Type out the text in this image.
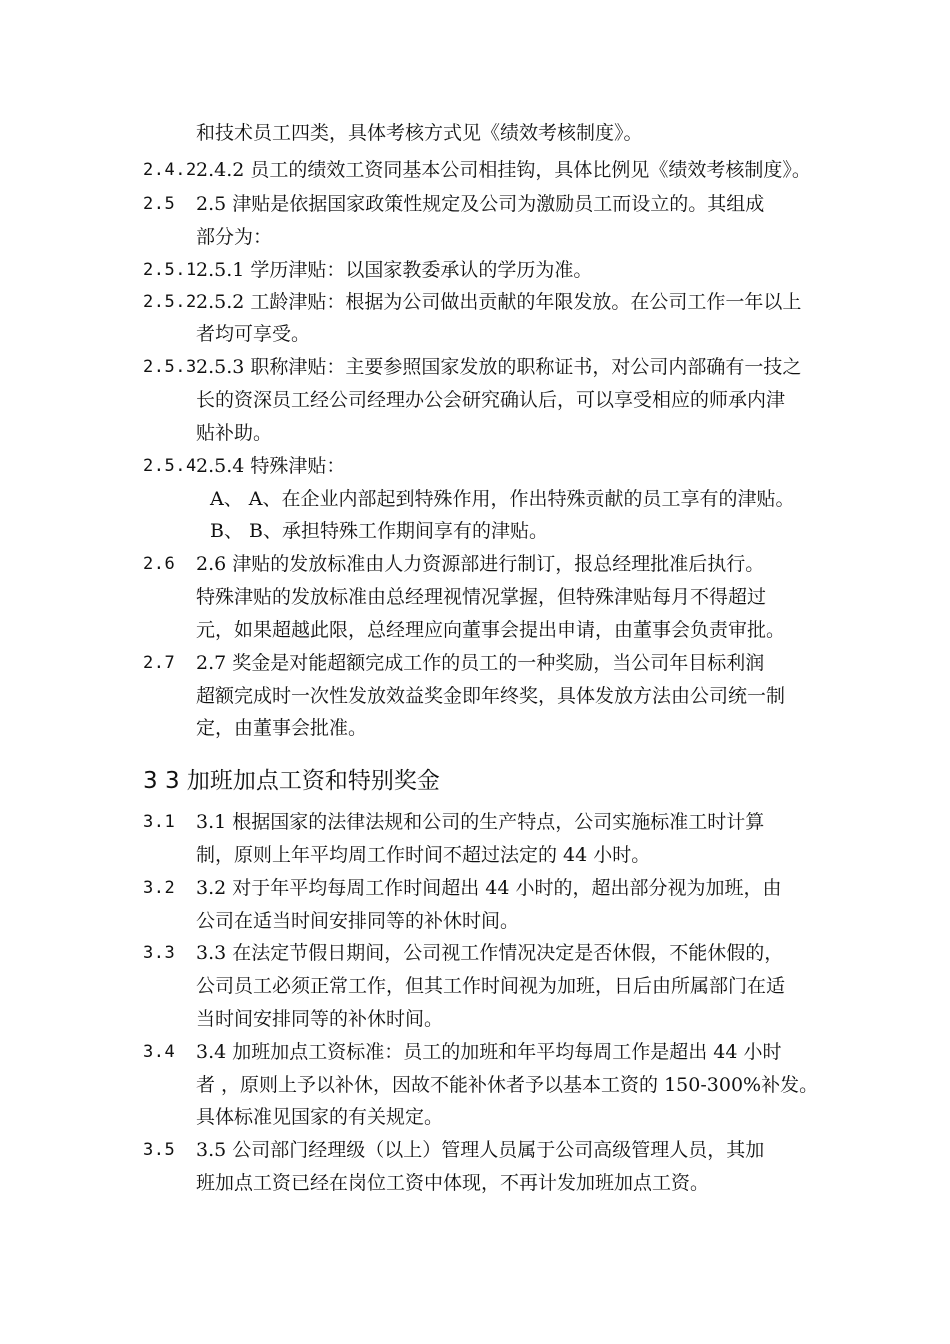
和技术员工四类，具体考核方式见《绩效考核制度》。
2.4.2 2.4.2 员工的绩效工资同基本公司相挂钩，具体比例见《绩效考核制度》。
2.5 2.5 津贴是依据国家政策性规定及公司为激励员工而设立的。其组成
部分为：
2.5.1 2.5.1 学历津贴：以国家教委承认的学历为准。
2.5.2 2.5.2 工龄津贴：根据为公司做出贡献的年限发放。在公司工作一年以上
者均可享受。
2.5.3 2.5.3 职称津贴：主要参照国家发放的职称证书，对公司内部确有一技之
长的资深员工经公司经理办公会研究确认后，可以享受相应的师承内津
贴补助。
2.5.4 2.5.4 特殊津贴：
A、 A、在企业内部起到特殊作用，作出特殊贡献的员工享有的津贴。
B、 B、承担特殊工作期间享有的津贴。
2.6 2.6 津贴的发放标准由人力资源部进行制订，报总经理批准后执行。
特殊津贴的发放标准由总经理视情况掌握，但特殊津贴每月不得超过
元，如果超越此限，总经理应向董事会提出申请，由董事会负责审批。
2.7 2.7 奖金是对能超额完成工作的员工的一种奖励，当公司年目标利润
超额完成时一次性发放效益奖金即年终奖，具体发放方法由公司统一制
定，由董事会批准。
3 3 加班加点工资和特别奖金
3.1 3.1 根据国家的法律法规和公司的生产特点，公司实施标准工时计算
制，原则上年平均周工作时间不超过法定的 44 小时。
3.2 3.2 对于年平均每周工作时间超出 44 小时的，超出部分视为加班，由
公司在适当时间安排同等的补休时间。
3.3 3.3 在法定节假日期间，公司视工作情况决定是否休假，不能休假的，
公司员工必须正常工作，但其工作时间视为加班，日后由所属部门在适
当时间安排同等的补休时间。
3.4 3.4 加班加点工资标准：员工的加班和年平均每周工作是超出 44 小时
者 ，原则上予以补休，因故不能补休者予以基本工资的 150-300%补发。
具体标准见国家的有关规定。
3.5 3.5 公司部门经理级（以上）管理人员属于公司高级管理人员，其加
班加点工资已经在岗位工资中体现，不再计发加班加点工资。
